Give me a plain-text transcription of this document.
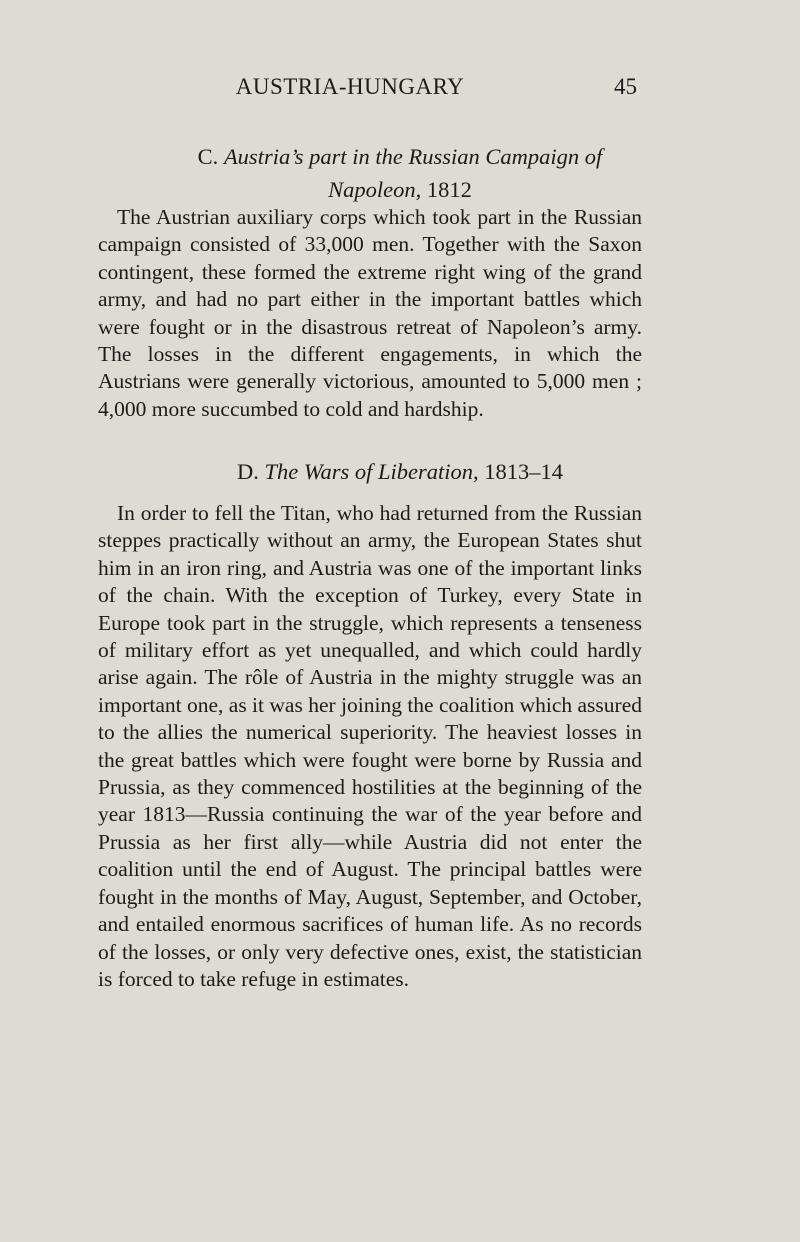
AUSTRIA-HUNGARY	45
C. Austria’s part in the Russian Campaign of
Napoleon, 1812

The Austrian auxiliary corps which took part in the Russian campaign consisted of 33,000 men. Together with the Saxon contingent, these formed the extreme right wing of the grand army, and had no part either in the important battles which were fought or in the disastrous retreat of Napoleon’s army. The losses in the different engagements, in which the Austrians were generally victorious, amounted to 5,000 men ; 4,000 more succumbed to cold and hardship.

D. The Wars of Liberation, 1813–14

In order to fell the Titan, who had returned from the Russian steppes practically without an army, the European States shut him in an iron ring, and Austria was one of the important links of the chain. With the exception of Turkey, every State in Europe took part in the struggle, which represents a tenseness of military effort as yet unequalled, and which could hardly arise again. The rôle of Austria in the mighty struggle was an important one, as it was her joining the coalition which assured to the allies the numerical superiority. The heaviest losses in the great battles which were fought were borne by Russia and Prussia, as they commenced hostilities at the beginning of the year 1813—Russia continuing the war of the year before and Prussia as her first ally—while Austria did not enter the coalition until the end of August. The principal battles were fought in the months of May, August, September, and October, and entailed enormous sacrifices of human life. As no records of the losses, or only very defective ones, exist, the statistician is forced to take refuge in estimates.
